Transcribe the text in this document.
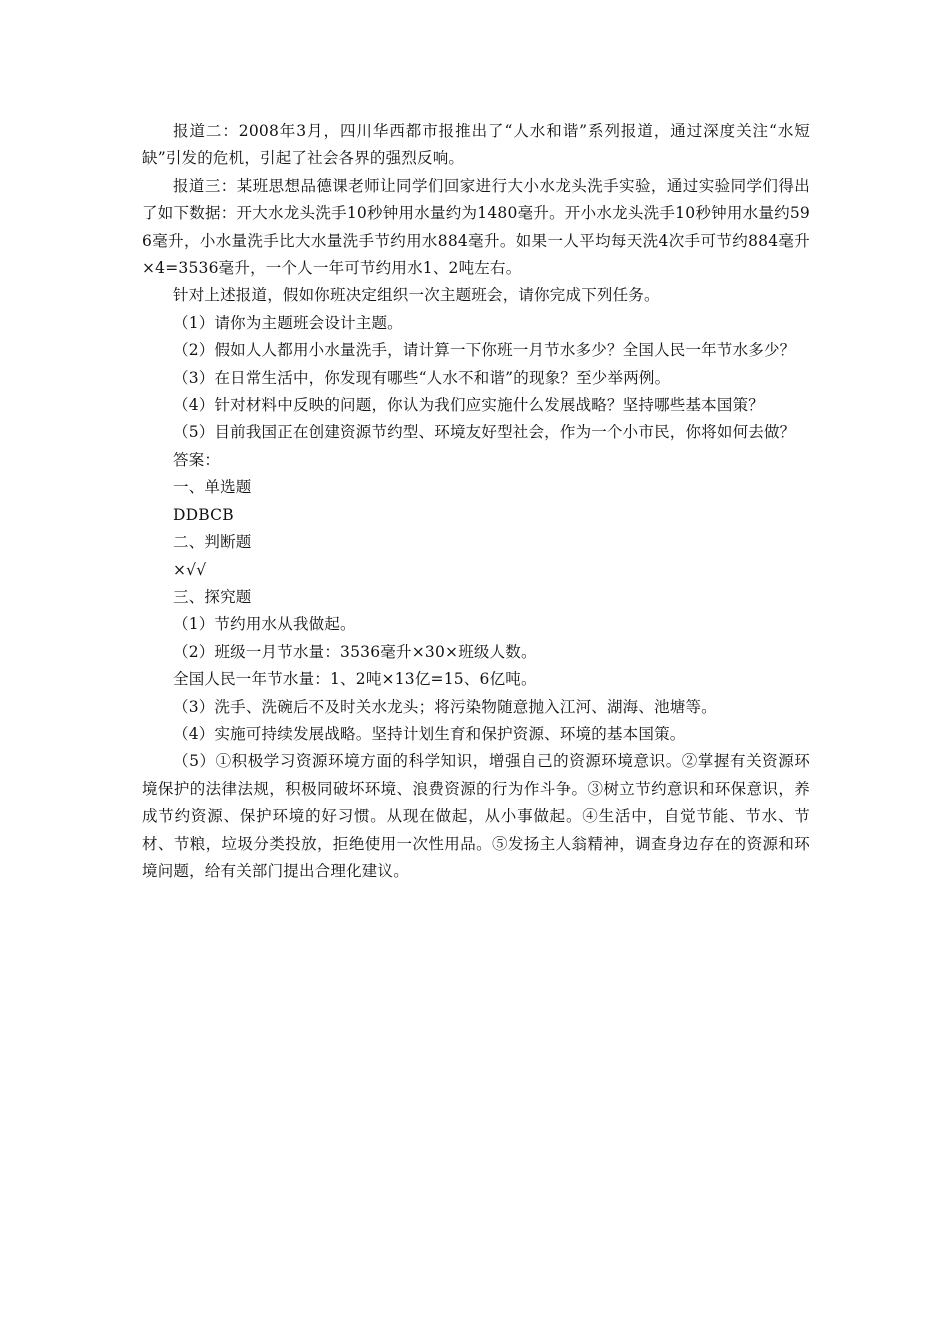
报道二：2008年3月，四川华西都市报推出了“人水和谐”系列报道，通过深度关注“水短缺”引发的危机，引起了社会各界的强烈反响。

报道三：某班思想品德课老师让同学们回家进行大小水龙头洗手实验，通过实验同学们得出了如下数据：开大水龙头洗手10秒钟用水量约为1480毫升。开小水龙头洗手10秒钟用水量约596毫升，小水量洗手比大水量洗手节约用水884毫升。如果一人平均每天洗4次手可节约884毫升×4=3536毫升，一个人一年可节约用水1、2吨左右。

针对上述报道，假如你班决定组织一次主题班会，请你完成下列任务。

（1）请你为主题班会设计主题。

（2）假如人人都用小水量洗手，请计算一下你班一月节水多少？全国人民一年节水多少？

（3）在日常生活中，你发现有哪些“人水不和谐”的现象？至少举两例。

（4）针对材料中反映的问题，你认为我们应实施什么发展战略？坚持哪些基本国策？

（5）目前我国正在创建资源节约型、环境友好型社会，作为一个小市民，你将如何去做？

答案：

一、单选题

DDBCB

二、判断题

×√√

三、探究题

（1）节约用水从我做起。

（2）班级一月节水量：3536毫升×30×班级人数。

全国人民一年节水量：1、2吨×13亿=15、6亿吨。

（3）洗手、洗碗后不及时关水龙头；将污染物随意抛入江河、湖海、池塘等。

（4）实施可持续发展战略。坚持计划生育和保护资源、环境的基本国策。

（5）①积极学习资源环境方面的科学知识，增强自己的资源环境意识。②掌握有关资源环境保护的法律法规，积极同破坏环境、浪费资源的行为作斗争。③树立节约意识和环保意识，养成节约资源、保护环境的好习惯。从现在做起，从小事做起。④生活中，自觉节能、节水、节材、节粮，垃圾分类投放，拒绝使用一次性用品。⑤发扬主人翁精神，调查身边存在的资源和环境问题，给有关部门提出合理化建议。
